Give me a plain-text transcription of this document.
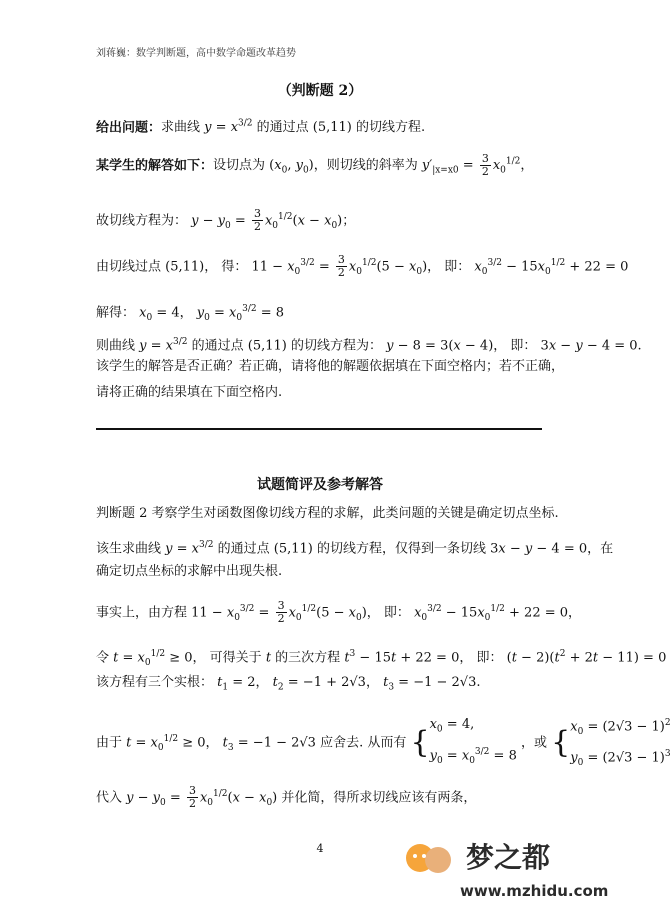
刘蒋巍：数学判断题，高中数学命题改革趋势
（判断题 2）
给出问题：求曲线 $y = x^{3/2}$ 的通过点 (5,11) 的切线方程.
某学生的解答如下：设切点为 ($x_0$, $y_0$)，则切线的斜率为 $y'_{|x=x0} = \frac{3}{2} x_0^{1/2}$，
故切线方程为： $y - y_0 = \frac{3}{2} x_0^{1/2}(x - x_0)$；
由切线过点 (5,11)， 得： $11 - x_0^{3/2} = \frac{3}{2} x_0^{1/2}(5 - x_0)$， 即： $x_0^{3/2} - 15x_0^{1/2} + 22 = 0$
解得： $x_0 = 4$， $y_0 = x_0^{3/2} = 8$
则曲线 $y = x^{3/2}$ 的通过点 (5,11) 的切线方程为： y − 8 = 3(x − 4)， 即： 3x − y − 4 = 0.
该学生的解答是否正确？若正确，请将他的解题依据填在下面空格内；若不正确，
请将正确的结果填在下面空格内.
试题简评及参考解答
判断题 2 考察学生对函数图像切线方程的求解，此类问题的关键是确定切点坐标.
该生求曲线 $y = x^{3/2}$ 的通过点 (5,11) 的切线方程，仅得到一条切线 3x − y − 4 = 0，在
确定切点坐标的求解中出现失根.
事实上，由方程 $11 - x_0^{3/2} = \frac{3}{2} x_0^{1/2}(5 - x_0)$， 即： $x_0^{3/2} - 15x_0^{1/2} + 22 = 0$，
令 $t = x_0^{1/2} \ge 0$， 可得关于 t 的三次方程 $t^3 - 15t + 22 = 0$， 即： $(t - 2)(t^2 + 2t - 11) = 0$
该方程有三个实根： $t_1 = 2$， $t_2 = -1 + 2√3$， $t_3 = -1 - 2√3$.
由于 $t = x_0^{1/2} \ge 0$， $t_3 = -1 - 2√3$ 应舍去. 从而有 {$x_0 = 4$,
$y_0 = x_0^{3/2} = 8$ ，或 {$x_0 = (2√3 - 1)^2$
$y_0 = (2√3 - 1)^3$
代入 $y - y_0 = \frac{3}{2} x_0^{1/2}(x - x_0)$ 并化简，得所求切线应该有两条，
4	梦之都
www.mzhidu.com
